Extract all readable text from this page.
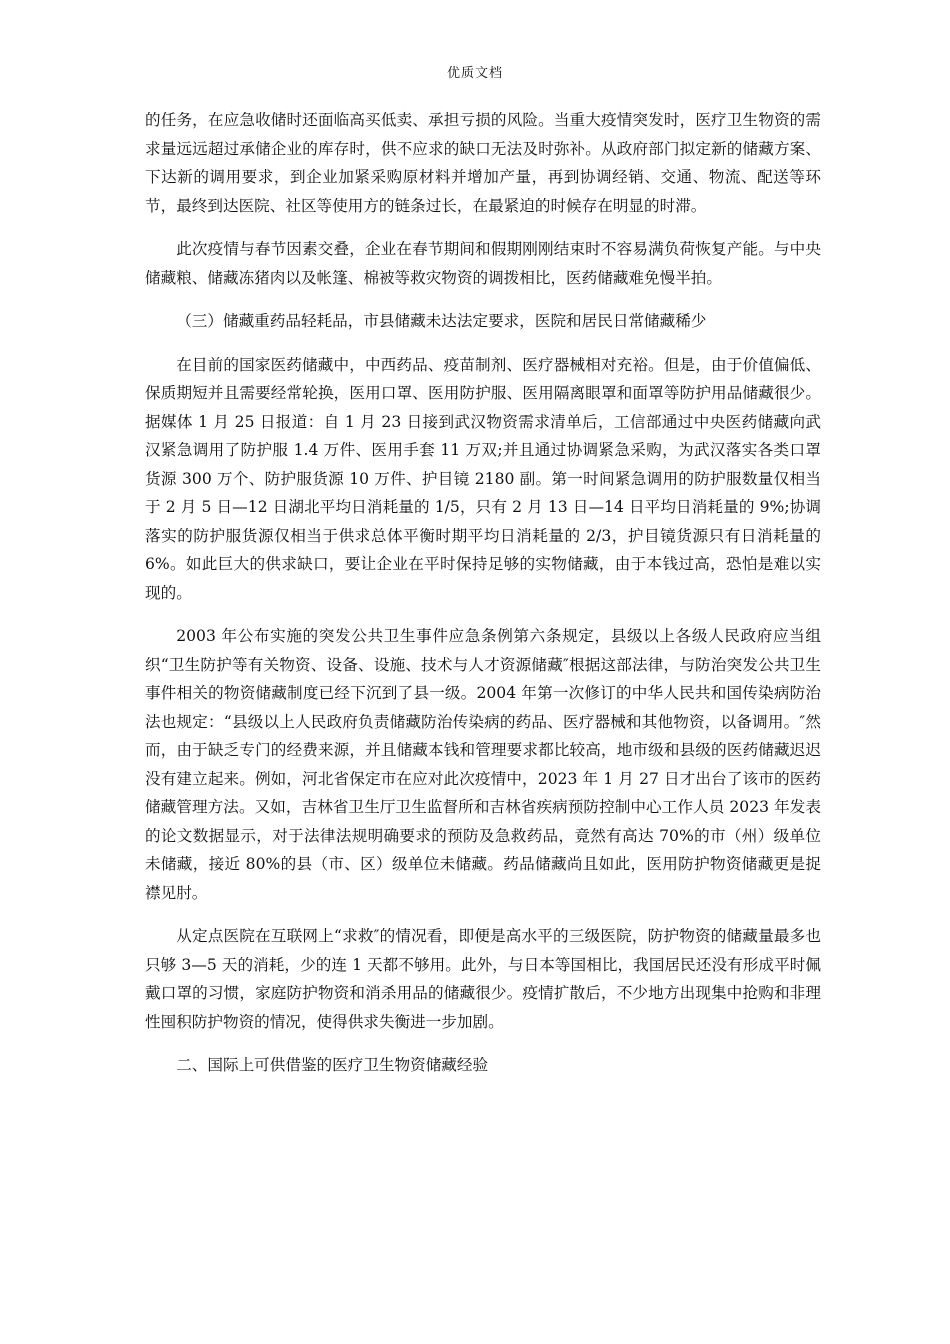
优质文档

的任务，在应急收储时还面临高买低卖、承担亏损的风险。当重大疫情突发时，医疗卫生物资的需求量远远超过承储企业的库存时，供不应求的缺口无法及时弥补。从政府部门拟定新的储藏方案、下达新的调用要求，到企业加紧采购原材料并增加产量，再到协调经销、交通、物流、配送等环节，最终到达医院、社区等使用方的链条过长，在最紧迫的时候存在明显的时滞。

此次疫情与春节因素交叠，企业在春节期间和假期刚刚结束时不容易满负荷恢复产能。与中央储藏粮、储藏冻猪肉以及帐篷、棉被等救灾物资的调拨相比，医药储藏难免慢半拍。

（三）储藏重药品轻耗品，市县储藏未达法定要求，医院和居民日常储藏稀少

在目前的国家医药储藏中，中西药品、疫苗制剂、医疗器械相对充裕。但是，由于价值偏低、保质期短并且需要经常轮换，医用口罩、医用防护服、医用隔离眼罩和面罩等防护用品储藏很少。据媒体 1 月 25 日报道：自 1 月 23 日接到武汉物资需求清单后，工信部通过中央医药储藏向武汉紧急调用了防护服 1.4 万件、医用手套 11 万双;并且通过协调紧急采购，为武汉落实各类口罩货源 300 万个、防护服货源 10 万件、护目镜 2180 副。第一时间紧急调用的防护服数量仅相当于 2 月 5 日—12 日湖北平均日消耗量的 1/5，只有 2 月 13 日—14 日平均日消耗量的 9%;协调落实的防护服货源仅相当于供求总体平衡时期平均日消耗量的 2/3，护目镜货源只有日消耗量的 6%。如此巨大的供求缺口，要让企业在平时保持足够的实物储藏，由于本钱过高，恐怕是难以实现的。

2003 年公布实施的突发公共卫生事件应急条例第六条规定，县级以上各级人民政府应当组织“卫生防护等有关物资、设备、设施、技术与人才资源储藏″根据这部法律，与防治突发公共卫生事件相关的物资储藏制度已经下沉到了县一级。2004 年第一次修订的中华人民共和国传染病防治法也规定：“县级以上人民政府负责储藏防治传染病的药品、医疗器械和其他物资，以备调用。″然而，由于缺乏专门的经费来源，并且储藏本钱和管理要求都比较高，地市级和县级的医药储藏迟迟没有建立起来。例如，河北省保定市在应对此次疫情中，2023 年 1 月 27 日才出台了该市的医药储藏管理方法。又如，吉林省卫生厅卫生监督所和吉林省疾病预防控制中心工作人员 2023 年发表的论文数据显示，对于法律法规明确要求的预防及急救药品，竟然有高达 70%的市（州）级单位未储藏，接近 80%的县（市、区）级单位未储藏。药品储藏尚且如此，医用防护物资储藏更是捉襟见肘。

从定点医院在互联网上“求救″的情况看，即便是高水平的三级医院，防护物资的储藏量最多也只够 3—5 天的消耗，少的连 1 天都不够用。此外，与日本等国相比，我国居民还没有形成平时佩戴口罩的习惯，家庭防护物资和消杀用品的储藏很少。疫情扩散后，不少地方出现集中抢购和非理性囤积防护物资的情况，使得供求失衡进一步加剧。

二、国际上可供借鉴的医疗卫生物资储藏经验
